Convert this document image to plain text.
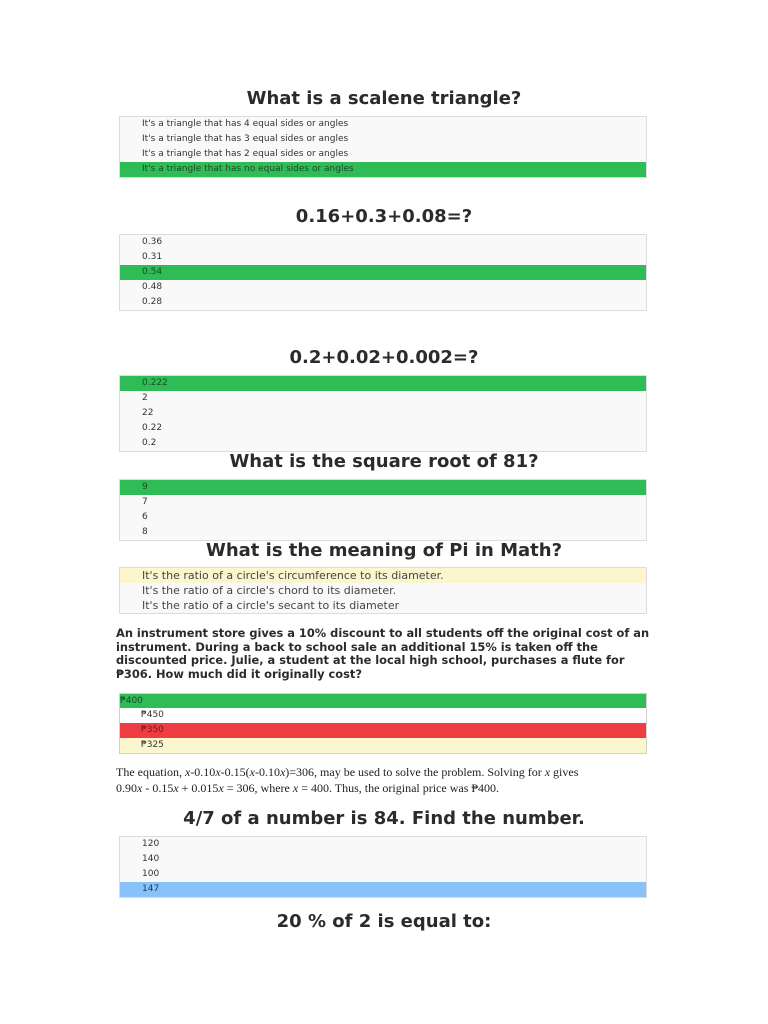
What is a scalene triangle?
It's a triangle that has 4 equal sides or angles
It's a triangle that has 3 equal sides or angles
It's a triangle that has 2 equal sides or angles
It's a triangle that has no equal sides or angles
0.16+0.3+0.08=?
0.36
0.31
0.54
0.48
0.28
0.2+0.02+0.002=?
0.222
2
22
0.22
0.2
What is the square root of 81?
9
7
6
8
What is the meaning of Pi in Math?
It's the ratio of a circle's circumference to its diameter.
It's the ratio of a circle's chord to its diameter.
It's the ratio of a circle's secant to its diameter

An instrument store gives a 10% discount to all students off the original cost of an instrument. During a back to school sale an additional 15% is taken off the discounted price. Julie, a student at the local high school, purchases a flute for ₱306. How much did it originally cost?

₱400
₱450
₱350
₱325

The equation, x-0.10x-0.15(x-0.10x)=306, may be used to solve the problem. Solving for x gives
0.90x - 0.15x + 0.015x = 306, where x = 400. Thus, the original price was ₱400.

4/7 of a number is 84. Find the number.
120
140
100
147
20 % of 2 is equal to:
